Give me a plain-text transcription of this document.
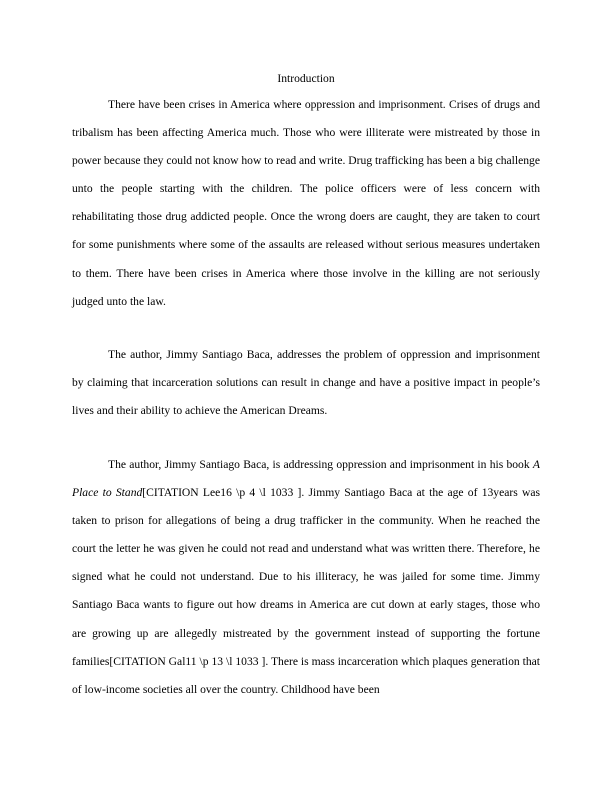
Introduction

There have been crises in America where oppression and imprisonment. Crises of drugs and tribalism has been affecting America much. Those who were illiterate were mistreated by those in power because they could not know how to read and write. Drug trafficking has been a big challenge unto the people starting with the children. The police officers were of less concern with rehabilitating those drug addicted people. Once the wrong doers are caught, they are taken to court for some punishments where some of the assaults are released without serious measures undertaken to them. There have been crises in America where those involve in the killing are not seriously judged unto the law.

The author, Jimmy Santiago Baca, addresses the problem of oppression and imprisonment by claiming that incarceration solutions can result in change and have a positive impact in people’s lives and their ability to achieve the American Dreams.

The author, Jimmy Santiago Baca, is addressing oppression and imprisonment in his book A Place to Stand[CITATION Lee16 \p 4 \l 1033 ]. Jimmy Santiago Baca at the age of 13years was taken to prison for allegations of being a drug trafficker in the community. When he reached the court the letter he was given he could not read and understand what was written there. Therefore, he signed what he could not understand. Due to his illiteracy, he was jailed for some time. Jimmy Santiago Baca wants to figure out how dreams in America are cut down at early stages, those who are growing up are allegedly mistreated by the government instead of supporting the fortune families[CITATION Gal11 \p 13 \l 1033 ]. There is mass incarceration which plaques generation that of low-income societies all over the country. Childhood have been
